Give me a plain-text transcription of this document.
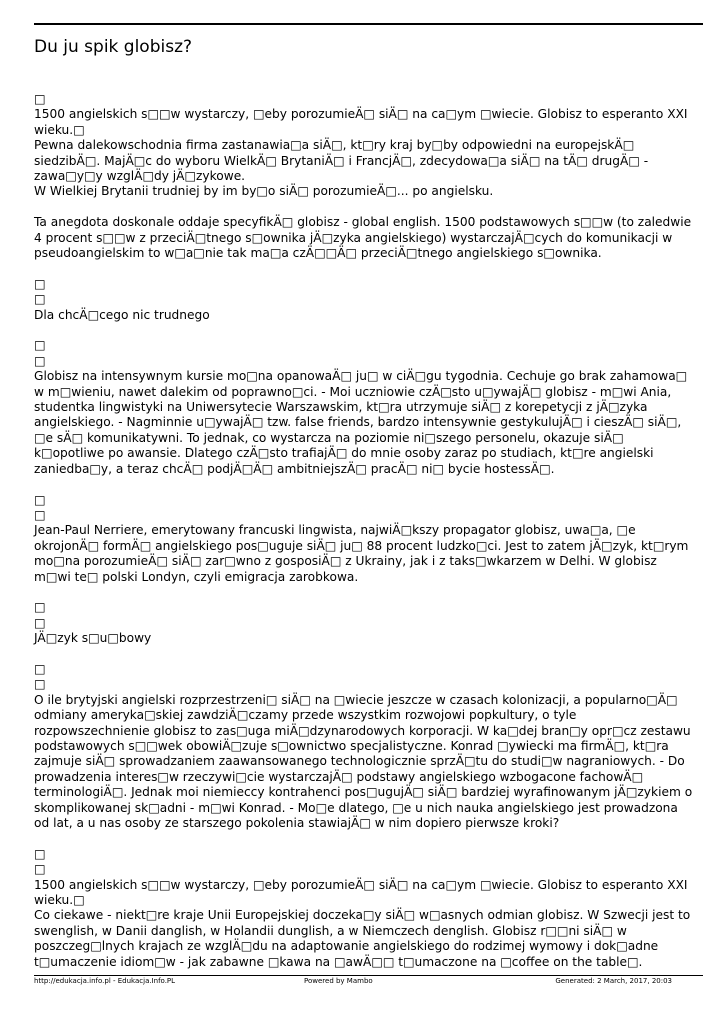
Du ju spik globisz?

□

1500 angielskich s□□w wystarczy, □eby porozumieÄ□ siÄ□ na ca□ym □wiecie. Globisz to esperanto XXI wieku.□

Pewna dalekowschodnia firma zastanawia□a siÄ□, kt□ry kraj by□by odpowiedni na europejskÄ□ siedzibÄ□. MajÄ□c do wyboru WielkÄ□ BrytaniÄ□ i FrancjÄ□, zdecydowa□a siÄ□ na tÄ□ drugÄ□ - zawa□y□y wzglÄ□dy jÄ□zykowe.

W Wielkiej Brytanii trudniej by im by□o siÄ□ porozumieÄ□... po angielsku.

Ta anegdota doskonale oddaje specyfikÄ□ globisz - global english. 1500 podstawowych s□□w (to zaledwie 4 procent s□□w z przeciÄ□tnego s□ownika jÄ□zyka angielskiego) wystarczajÄ□cych do komunikacji w pseudoangielskim to w□a□nie tak ma□a czÄ□□Ä□ przeciÄ□tnego angielskiego s□ownika.

□

□

Dla chcÄ□cego nic trudnego

□

□

Globisz na intensywnym kursie mo□na opanowaÄ□ ju□ w ciÄ□gu tygodnia. Cechuje go brak zahamowa□ w m□wieniu, nawet dalekim od poprawno□ci. - Moi uczniowie czÄ□sto u□ywajÄ□ globisz - m□wi Ania, studentka lingwistyki na Uniwersytecie Warszawskim, kt□ra utrzymuje siÄ□ z korepetycji z jÄ□zyka angielskiego. - Nagminnie u□ywajÄ□ tzw. false friends, bardzo intensywnie gestykulujÄ□ i cieszÄ□ siÄ□, □e sÄ□ komunikatywni. To jednak, co wystarcza na poziomie ni□szego personelu, okazuje siÄ□ k□opotliwe po awansie. Dlatego czÄ□sto trafiajÄ□ do mnie osoby zaraz po studiach, kt□re angielski zaniedba□y, a teraz chcÄ□ podjÄ□Ä□ ambitniejszÄ□ pracÄ□ ni□ bycie hostessÄ□.

□

□

Jean-Paul Nerriere, emerytowany francuski lingwista, najwiÄ□kszy propagator globisz, uwa□a, □e okrojonÄ□ formÄ□ angielskiego pos□uguje siÄ□ ju□ 88 procent ludzko□ci. Jest to zatem jÄ□zyk, kt□rym mo□na porozumieÄ□ siÄ□ zar□wno z gosposiÄ□ z Ukrainy, jak i z taks□wkarzem w Delhi. W globisz m□wi te□ polski Londyn, czyli emigracja zarobkowa.

□

□

JÄ□zyk s□u□bowy

□

□

O ile brytyjski angielski rozprzestrzeni□ siÄ□ na □wiecie jeszcze w czasach kolonizacji, a popularno□Ä□ odmiany ameryka□skiej zawdziÄ□czamy przede wszystkim rozwojowi popkultury, o tyle rozpowszechnienie globisz to zas□uga miÄ□dzynarodowych korporacji. W ka□dej bran□y opr□cz zestawu podstawowych s□□wek obowiÄ□zuje s□ownictwo specjalistyczne. Konrad □ywiecki ma firmÄ□, kt□ra zajmuje siÄ□ sprowadzaniem zaawansowanego technologicznie sprzÄ□tu do studi□w nagraniowych. - Do prowadzenia interes□w rzeczywi□cie wystarczajÄ□ podstawy angielskiego wzbogacone fachowÄ□ terminologiÄ□. Jednak moi niemieccy kontrahenci pos□ugujÄ□ siÄ□ bardziej wyrafinowanym jÄ□zykiem o skomplikowanej sk□adni - m□wi Konrad. - Mo□e dlatego, □e u nich nauka angielskiego jest prowadzona od lat, a u nas osoby ze starszego pokolenia stawiajÄ□ w nim dopiero pierwsze kroki?

□

□

1500 angielskich s□□w wystarczy, □eby porozumieÄ□ siÄ□ na ca□ym □wiecie. Globisz to esperanto XXI wieku.□

Co ciekawe - niekt□re kraje Unii Europejskiej doczeka□y siÄ□ w□asnych odmian globisz. W Szwecji jest to swenglish, w Danii danglish, w Holandii dunglish, a w Niemczech denglish. Globisz r□□ni siÄ□ w poszczeg□lnych krajach ze wzglÄ□du na adaptowanie angielskiego do rodzimej wymowy i dok□adne t□umaczenie idiom□w - jak zabawne □kawa na □awÄ□□ t□umaczone na □coffee on the table□.

http://edukacja.info.pl - Edukacja.Info.PL	Powered by Mambo	Generated: 2 March, 2017, 20:03
